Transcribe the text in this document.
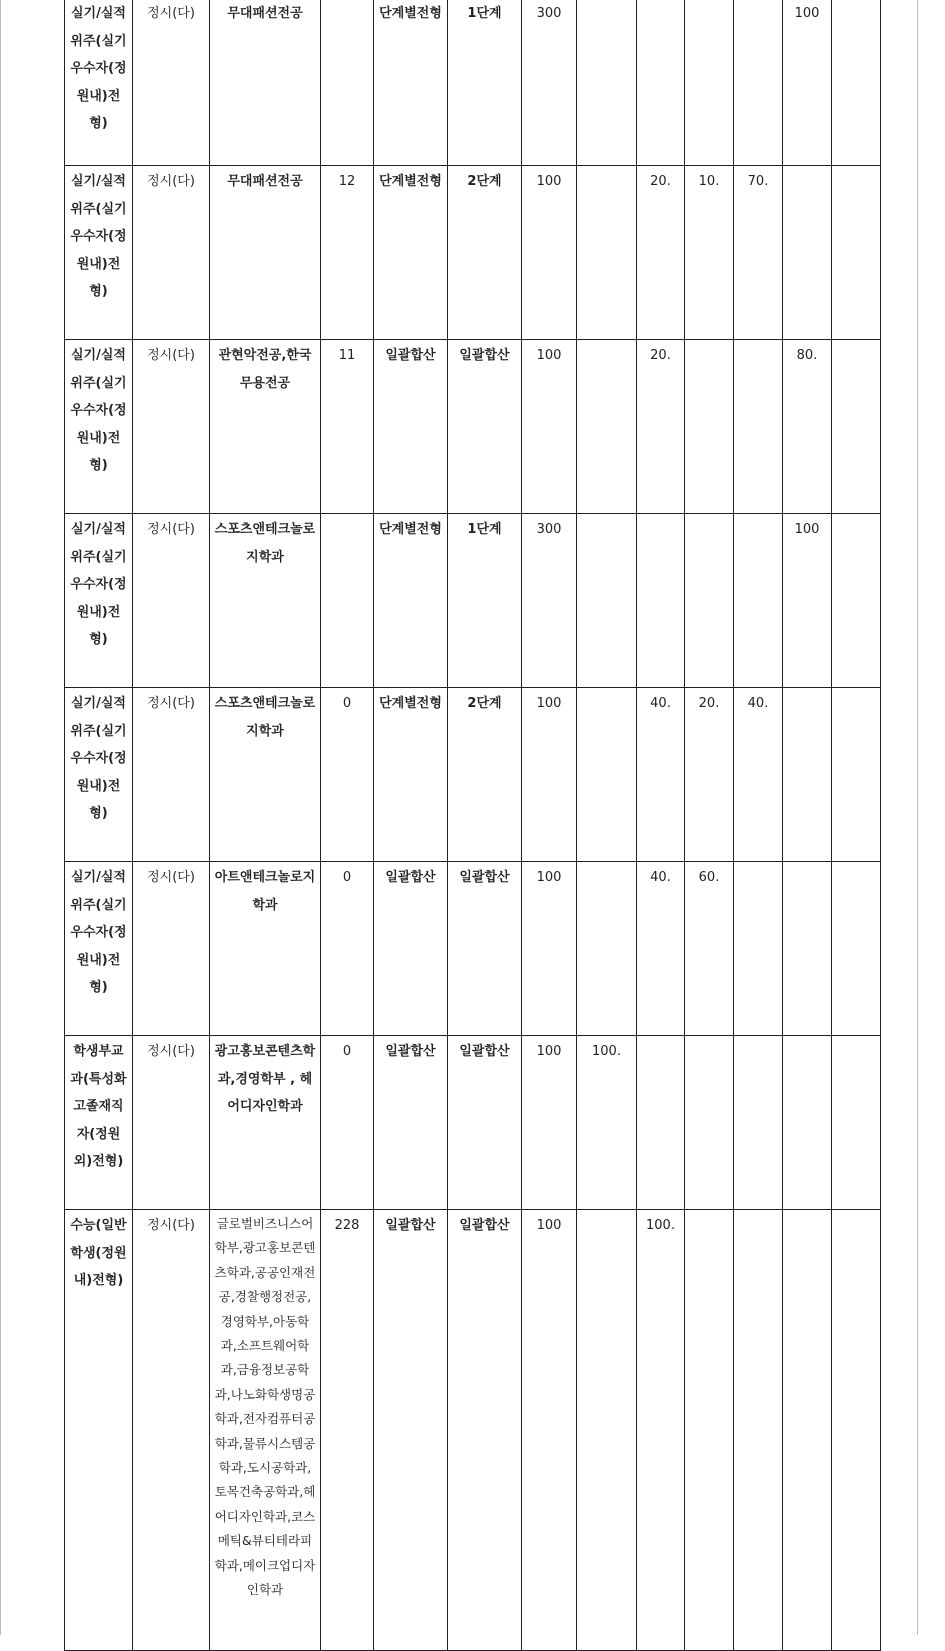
실기/실적위주(실기우수자(정원내)전형)	정시(다)	무대패션전공		단계별전형	1단계	300					100	
실기/실적위주(실기우수자(정원내)전형)	정시(다)	무대패션전공	12	단계별전형	2단계	100		20.	10.	70.		
실기/실적위주(실기우수자(정원내)전형)	정시(다)	관현악전공,한국무용전공	11	일괄합산	일괄합산	100		20.			80.	
실기/실적위주(실기우수자(정원내)전형)	정시(다)	스포츠앤테크놀로지학과		단계별전형	1단계	300					100	
실기/실적위주(실기우수자(정원내)전형)	정시(다)	스포츠앤테크놀로지학과	0	단계별전형	2단계	100		40.	20.	40.		
실기/실적위주(실기우수자(정원내)전형)	정시(다)	아트앤테크놀로지학과	0	일괄합산	일괄합산	100		40.	60.			
학생부교과(특성화고졸재직자(정원외)전형)	정시(다)	광고홍보콘텐츠학과,경영학부 , 헤어디자인학과	0	일괄합산	일괄합산	100	100.					
수능(일반학생(정원내)전형)	정시(다)	글로벌비즈니스어학부,광고홍보콘텐츠학과,공공인재전공,경찰행정전공,경영학부,아동학과,소프트웨어학과,금융정보공학과,나노화학생명공학과,전자컴퓨터공학과,물류시스템공학과,도시공학과,토목건축공학과,헤어디자인학과,코스메틱&뷰티테라피학과,메이크업디자인학과	228	일괄합산	일괄합산	100		100.				
